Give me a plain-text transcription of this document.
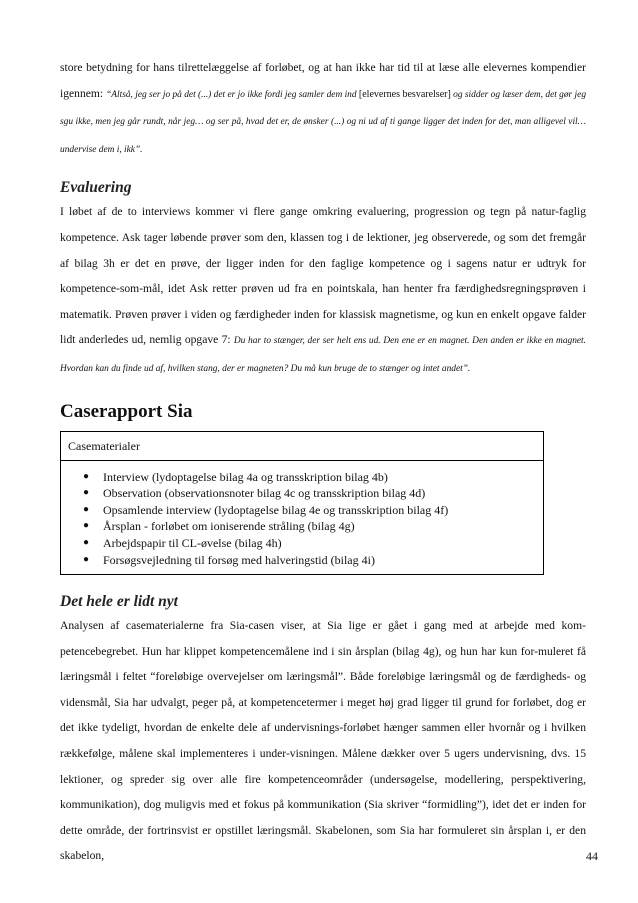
store betydning for hans tilrettelæggelse af forløbet, og at han ikke har tid til at læse alle elevernes kompendier igennem: “Altså, jeg ser jo på det (...) det er jo ikke fordi jeg samler dem ind [elevernes besvarelser] og sidder og læser dem, det gør jeg sgu ikke, men jeg går rundt, når jeg… og ser på, hvad det er, de ønsker (...) og ni ud af ti gange ligger det inden for det, man alligevel vil… undervise dem i, ikk”.

Evaluering

I løbet af de to interviews kommer vi flere gange omkring evaluering, progression og tegn på natur-faglig kompetence. Ask tager løbende prøver som den, klassen tog i de lektioner, jeg observerede, og som det fremgår af bilag 3h er det en prøve, der ligger inden for den faglige kompetence og i sagens natur er udtryk for kompetence-som-mål, idet Ask retter prøven ud fra en pointskala, han henter fra færdighedsregningsprøven i matematik. Prøven prøver i viden og færdigheder inden for klassisk magnetisme, og kun en enkelt opgave falder lidt anderledes ud, nemlig opgave 7: Du har to stænger, der ser helt ens ud. Den ene er en magnet. Den anden er ikke en magnet. Hvordan kan du finde ud af, hvilken stang, der er magneten? Du må kun bruge de to stænger og intet andet”.

Caserapport Sia
Casematerialer
● Interview (lydoptagelse bilag 4a og transskription bilag 4b)
● Observation (observationsnoter bilag 4c og transskription bilag 4d)
● Opsamlende interview (lydoptagelse bilag 4e og transskription bilag 4f)
● Årsplan - forløbet om ioniserende stråling (bilag 4g)
● Arbejdspapir til CL-øvelse (bilag 4h)
● Forsøgsvejledning til forsøg med halveringstid (bilag 4i)
Det hele er lidt nyt

Analysen af casematerialerne fra Sia-casen viser, at Sia lige er gået i gang med at arbejde med kom-petencebegrebet. Hun har klippet kompetencemålene ind i sin årsplan (bilag 4g), og hun har kun for-muleret få læringsmål i feltet “foreløbige overvejelser om læringsmål”. Både foreløbige læringsmål og de færdigheds- og vidensmål, Sia har udvalgt, peger på, at kompetencetermer i meget høj grad ligger til grund for forløbet, dog er det ikke tydeligt, hvordan de enkelte dele af undervisnings-forløbet hænger sammen eller hvornår og i hvilken rækkefølge, målene skal implementeres i under-visningen. Målene dækker over 5 ugers undervisning, dvs. 15 lektioner, og spreder sig over alle fire kompetenceområder (undersøgelse, modellering, perspektivering, kommunikation), dog muligvis med et fokus på kommunikation (Sia skriver “formidling”), idet det er inden for dette område, der fortrinsvist er opstillet læringsmål. Skabelonen, som Sia har formuleret sin årsplan i, er den skabelon,	44
